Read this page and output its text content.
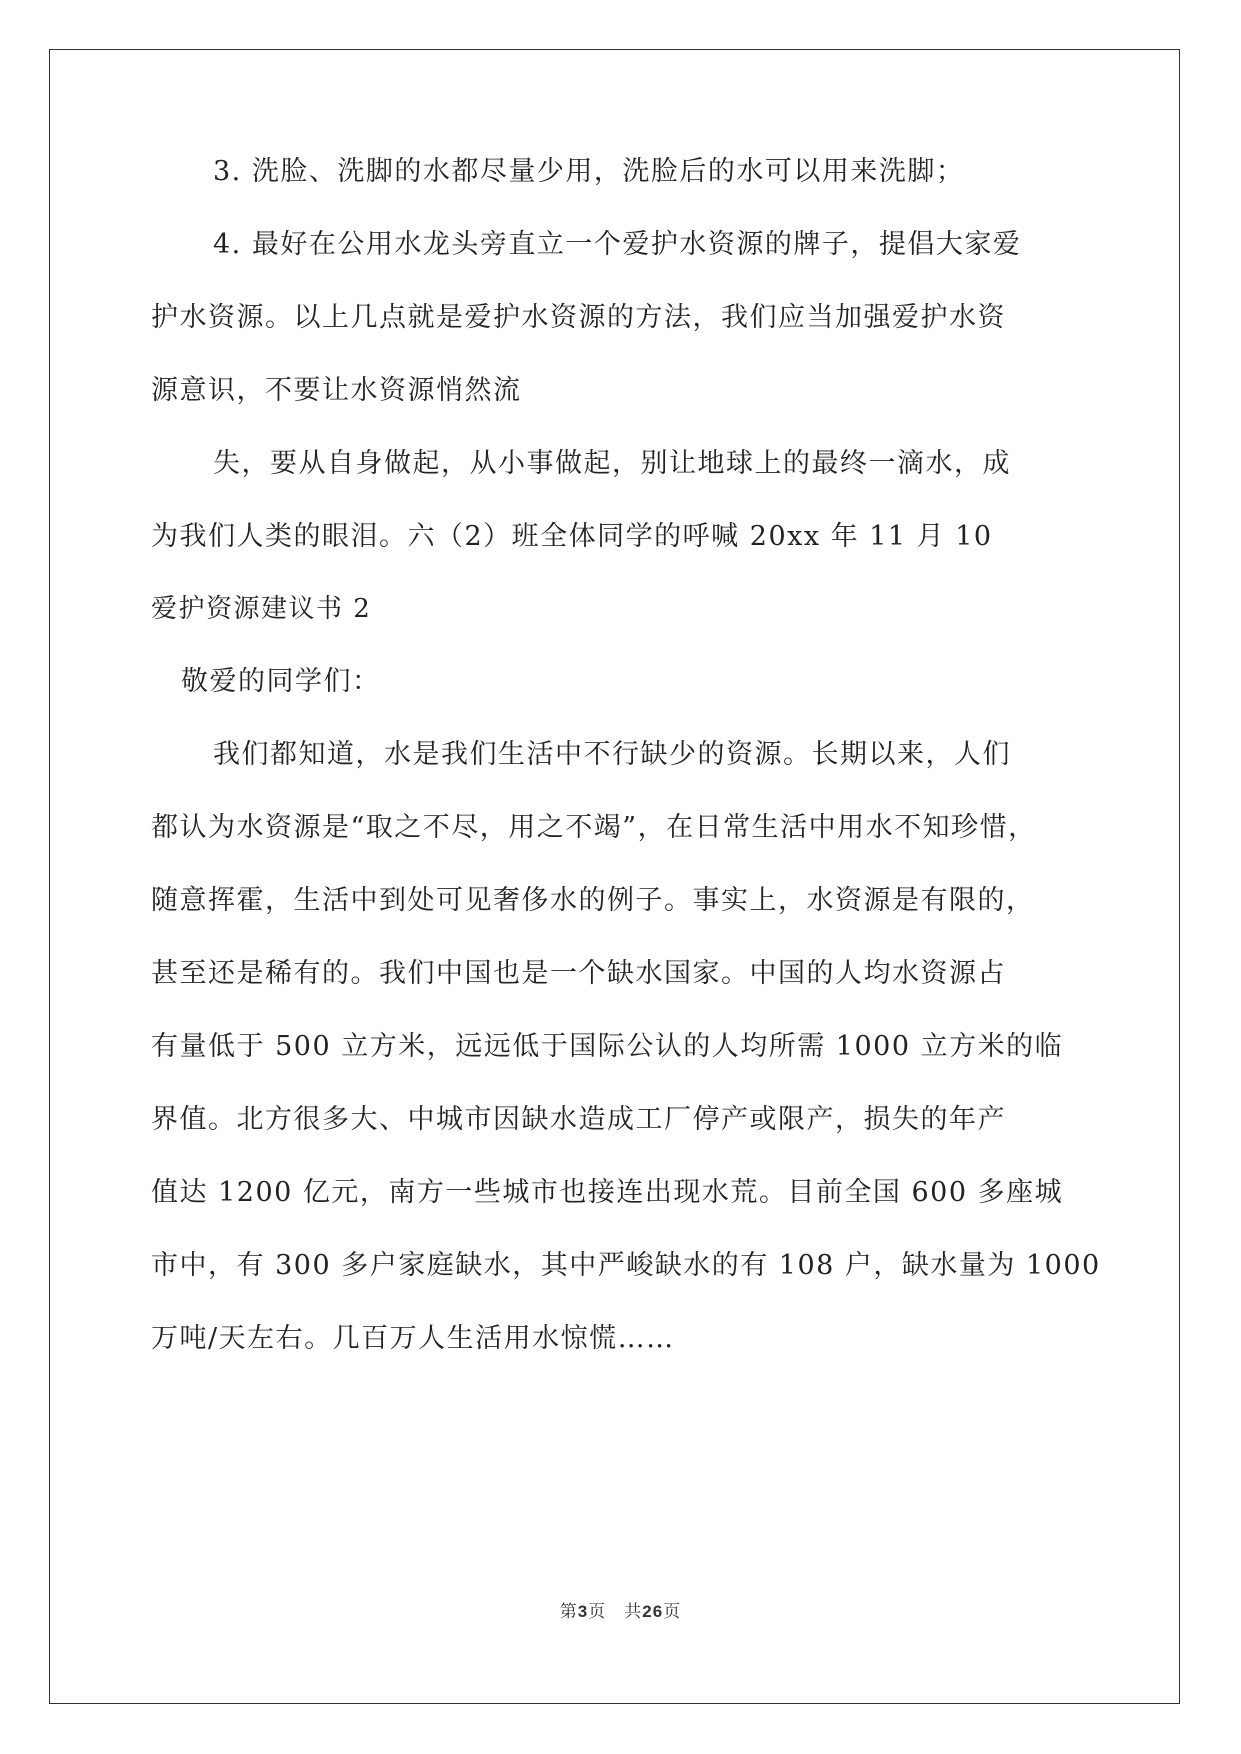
3. 洗脸、洗脚的水都尽量少用，洗脸后的水可以用来洗脚；
4. 最好在公用水龙头旁直立一个爱护水资源的牌子，提倡大家爱
护水资源。以上几点就是爱护水资源的方法，我们应当加强爱护水资
源意识，不要让水资源悄然流
失，要从自身做起，从小事做起，别让地球上的最终一滴水，成
为我们人类的眼泪。六（2）班全体同学的呼喊 20xx 年 11 月 10
爱护资源建议书 2
敬爱的同学们：
我们都知道，水是我们生活中不行缺少的资源。长期以来，人们
都认为水资源是“取之不尽，用之不竭”，在日常生活中用水不知珍惜，
随意挥霍，生活中到处可见奢侈水的例子。事实上，水资源是有限的，
甚至还是稀有的。我们中国也是一个缺水国家。中国的人均水资源占
有量低于 500 立方米，远远低于国际公认的人均所需 1000 立方米的临
界值。北方很多大、中城市因缺水造成工厂停产或限产，损失的年产
值达 1200 亿元，南方一些城市也接连出现水荒。目前全国 600 多座城
市中，有 300 多户家庭缺水，其中严峻缺水的有 108 户，缺水量为 1000
万吨/天左右。几百万人生活用水惊慌……
第3页 共26页
